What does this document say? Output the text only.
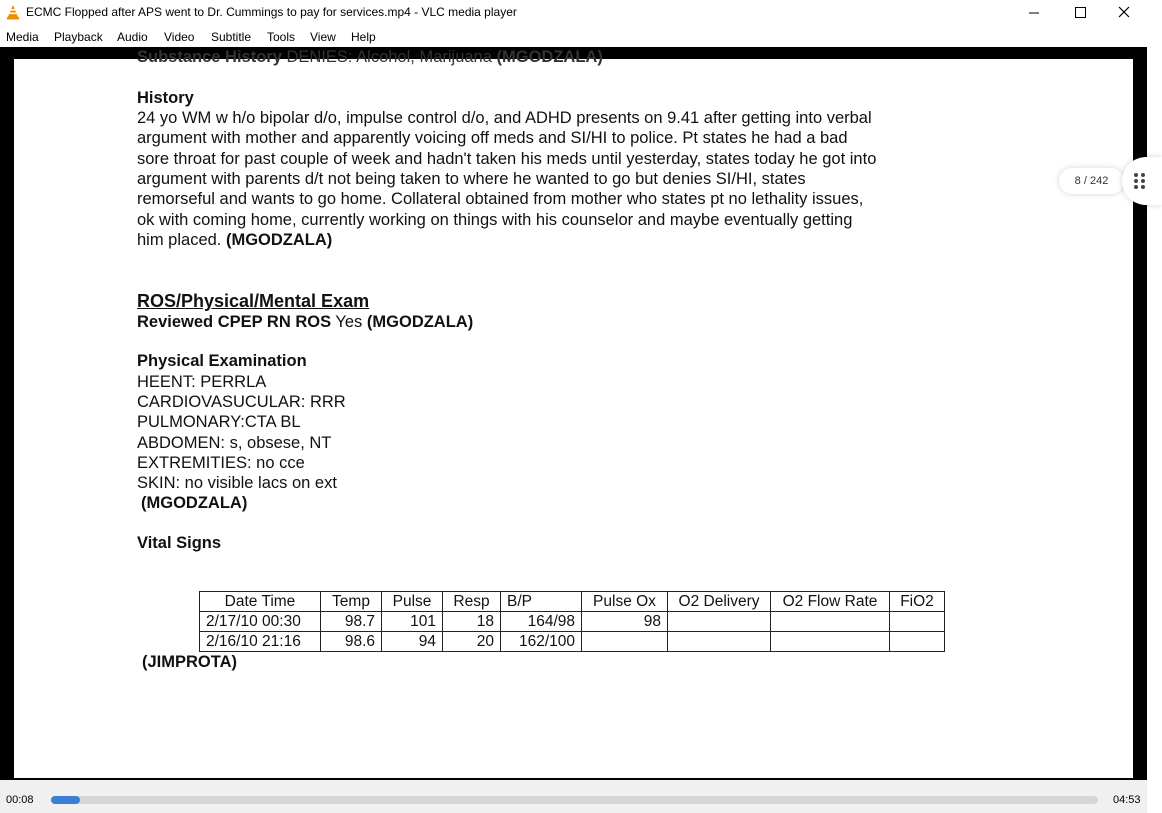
ECMC Flopped after APS went to Dr. Cummings to pay for services.mp4 - VLC media player
Media Playback Audio Video Subtitle Tools View Help
Substance History DENIES: Alcohol, Marijuana (MGODZALA)
History
24 yo WM w h/o bipolar d/o, impulse control d/o, and ADHD presents on 9.41 after getting into verbal
argument with mother and apparently voicing off meds and SI/HI to police. Pt states he had a bad
sore throat for past couple of week and hadn't taken his meds until yesterday, states today he got into
argument with parents d/t not being taken to where he wanted to go but denies SI/HI, states
remorseful and wants to go home. Collateral obtained from mother who states pt no lethality issues,
ok with coming home, currently working on things with his counselor and maybe eventually getting
him placed. (MGODZALA)
ROS/Physical/Mental Exam
Reviewed CPEP RN ROS Yes (MGODZALA)
Physical Examination
HEENT: PERRLA
CARDIOVASUCULAR: RRR
PULMONARY:CTA BL
ABDOMEN: s, obsese, NT
EXTREMITIES: no cce
SKIN: no visible lacs on ext
(MGODZALA)
Vital Signs
Date Time	Temp	Pulse	Resp	B/P	Pulse Ox	O2 Delivery	O2 Flow Rate	FiO2
2/17/10 00:30	98.7	101	18	164/98	98			
2/16/10 21:16	98.6	94	20	162/100				
(JIMPROTA)
8 / 242
00:08	04:53
